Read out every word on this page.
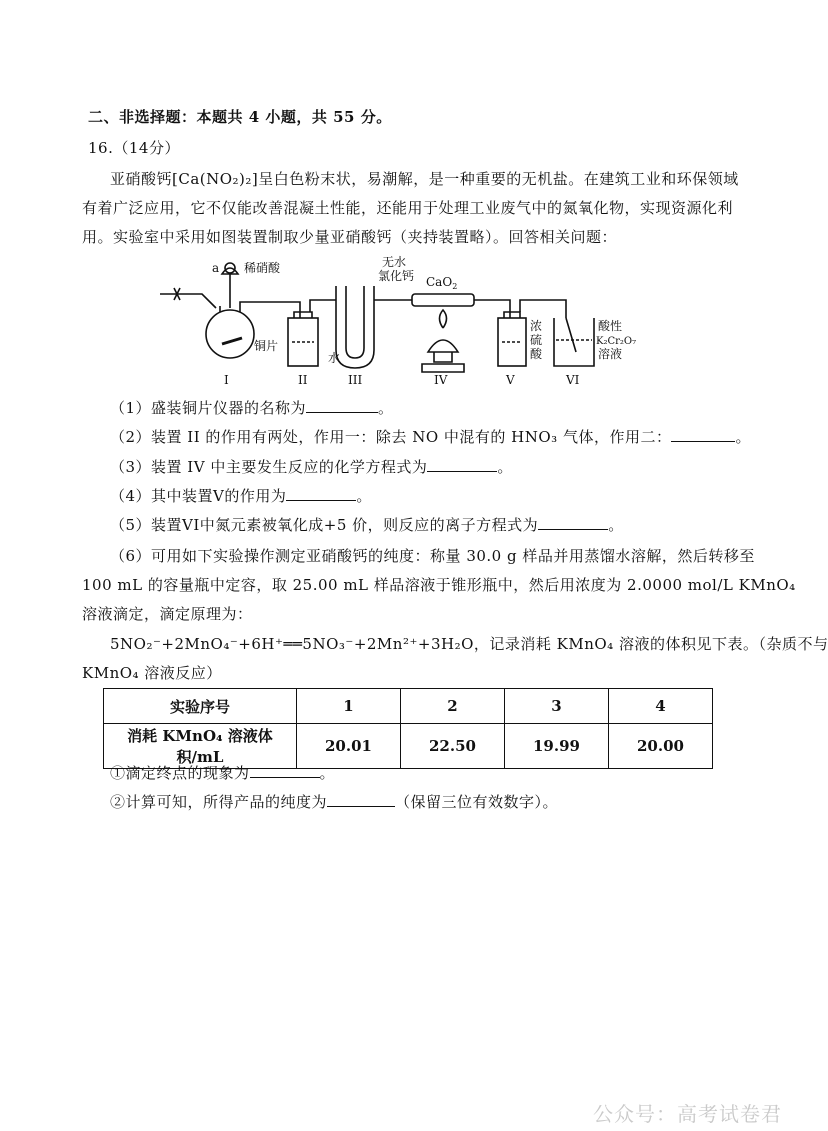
二、非选择题：本题共 4 小题，共 55 分。
16.（14分）
亚硝酸钙[Ca(NO₂)₂]呈白色粉末状，易潮解，是一种重要的无机盐。在建筑工业和环保领域
有着广泛应用，它不仅能改善混凝土性能，还能用于处理工业废气中的氮氧化物，实现资源化利
用。实验室中采用如图装置制取少量亚硝酸钙（夹持装置略）。回答相关问题：
a 稀硝酸
铜片
水
无水
氯化钙 CaO$_2$
浓
硫
酸
酸性
K₂Cr₂O₇
溶液
I	II	III	IV	V	VI
（1）盛装铜片仪器的名称为	。
（2）装置 II 的作用有两处，作用一：除去 NO 中混有的 HNO₃ 气体，作用二：	。
（3）装置 IV 中主要发生反应的化学方程式为	。
（4）其中装置V的作用为	。
（5）装置VI中氮元素被氧化成+5 价，则反应的离子方程式为	。
（6）可用如下实验操作测定亚硝酸钙的纯度：称量 30.0 g 样品并用蒸馏水溶解，然后转移至
100 mL 的容量瓶中定容，取 25.00 mL 样品溶液于锥形瓶中，然后用浓度为 2.0000 mol/L KMnO₄
溶液滴定，滴定原理为：
5NO₂⁻+2MnO₄⁻+6H⁺══5NO₃⁻+2Mn²⁺+3H₂O，记录消耗 KMnO₄ 溶液的体积见下表。（杂质不与
KMnO₄ 溶液反应）
实验序号	1	2	3	4
消耗 KMnO₄ 溶液体积/mL	20.01	22.50	19.99	20.00
①滴定终点的现象为	。
②计算可知，所得产品的纯度为	（保留三位有效数字）。
公众号：高考试卷君
